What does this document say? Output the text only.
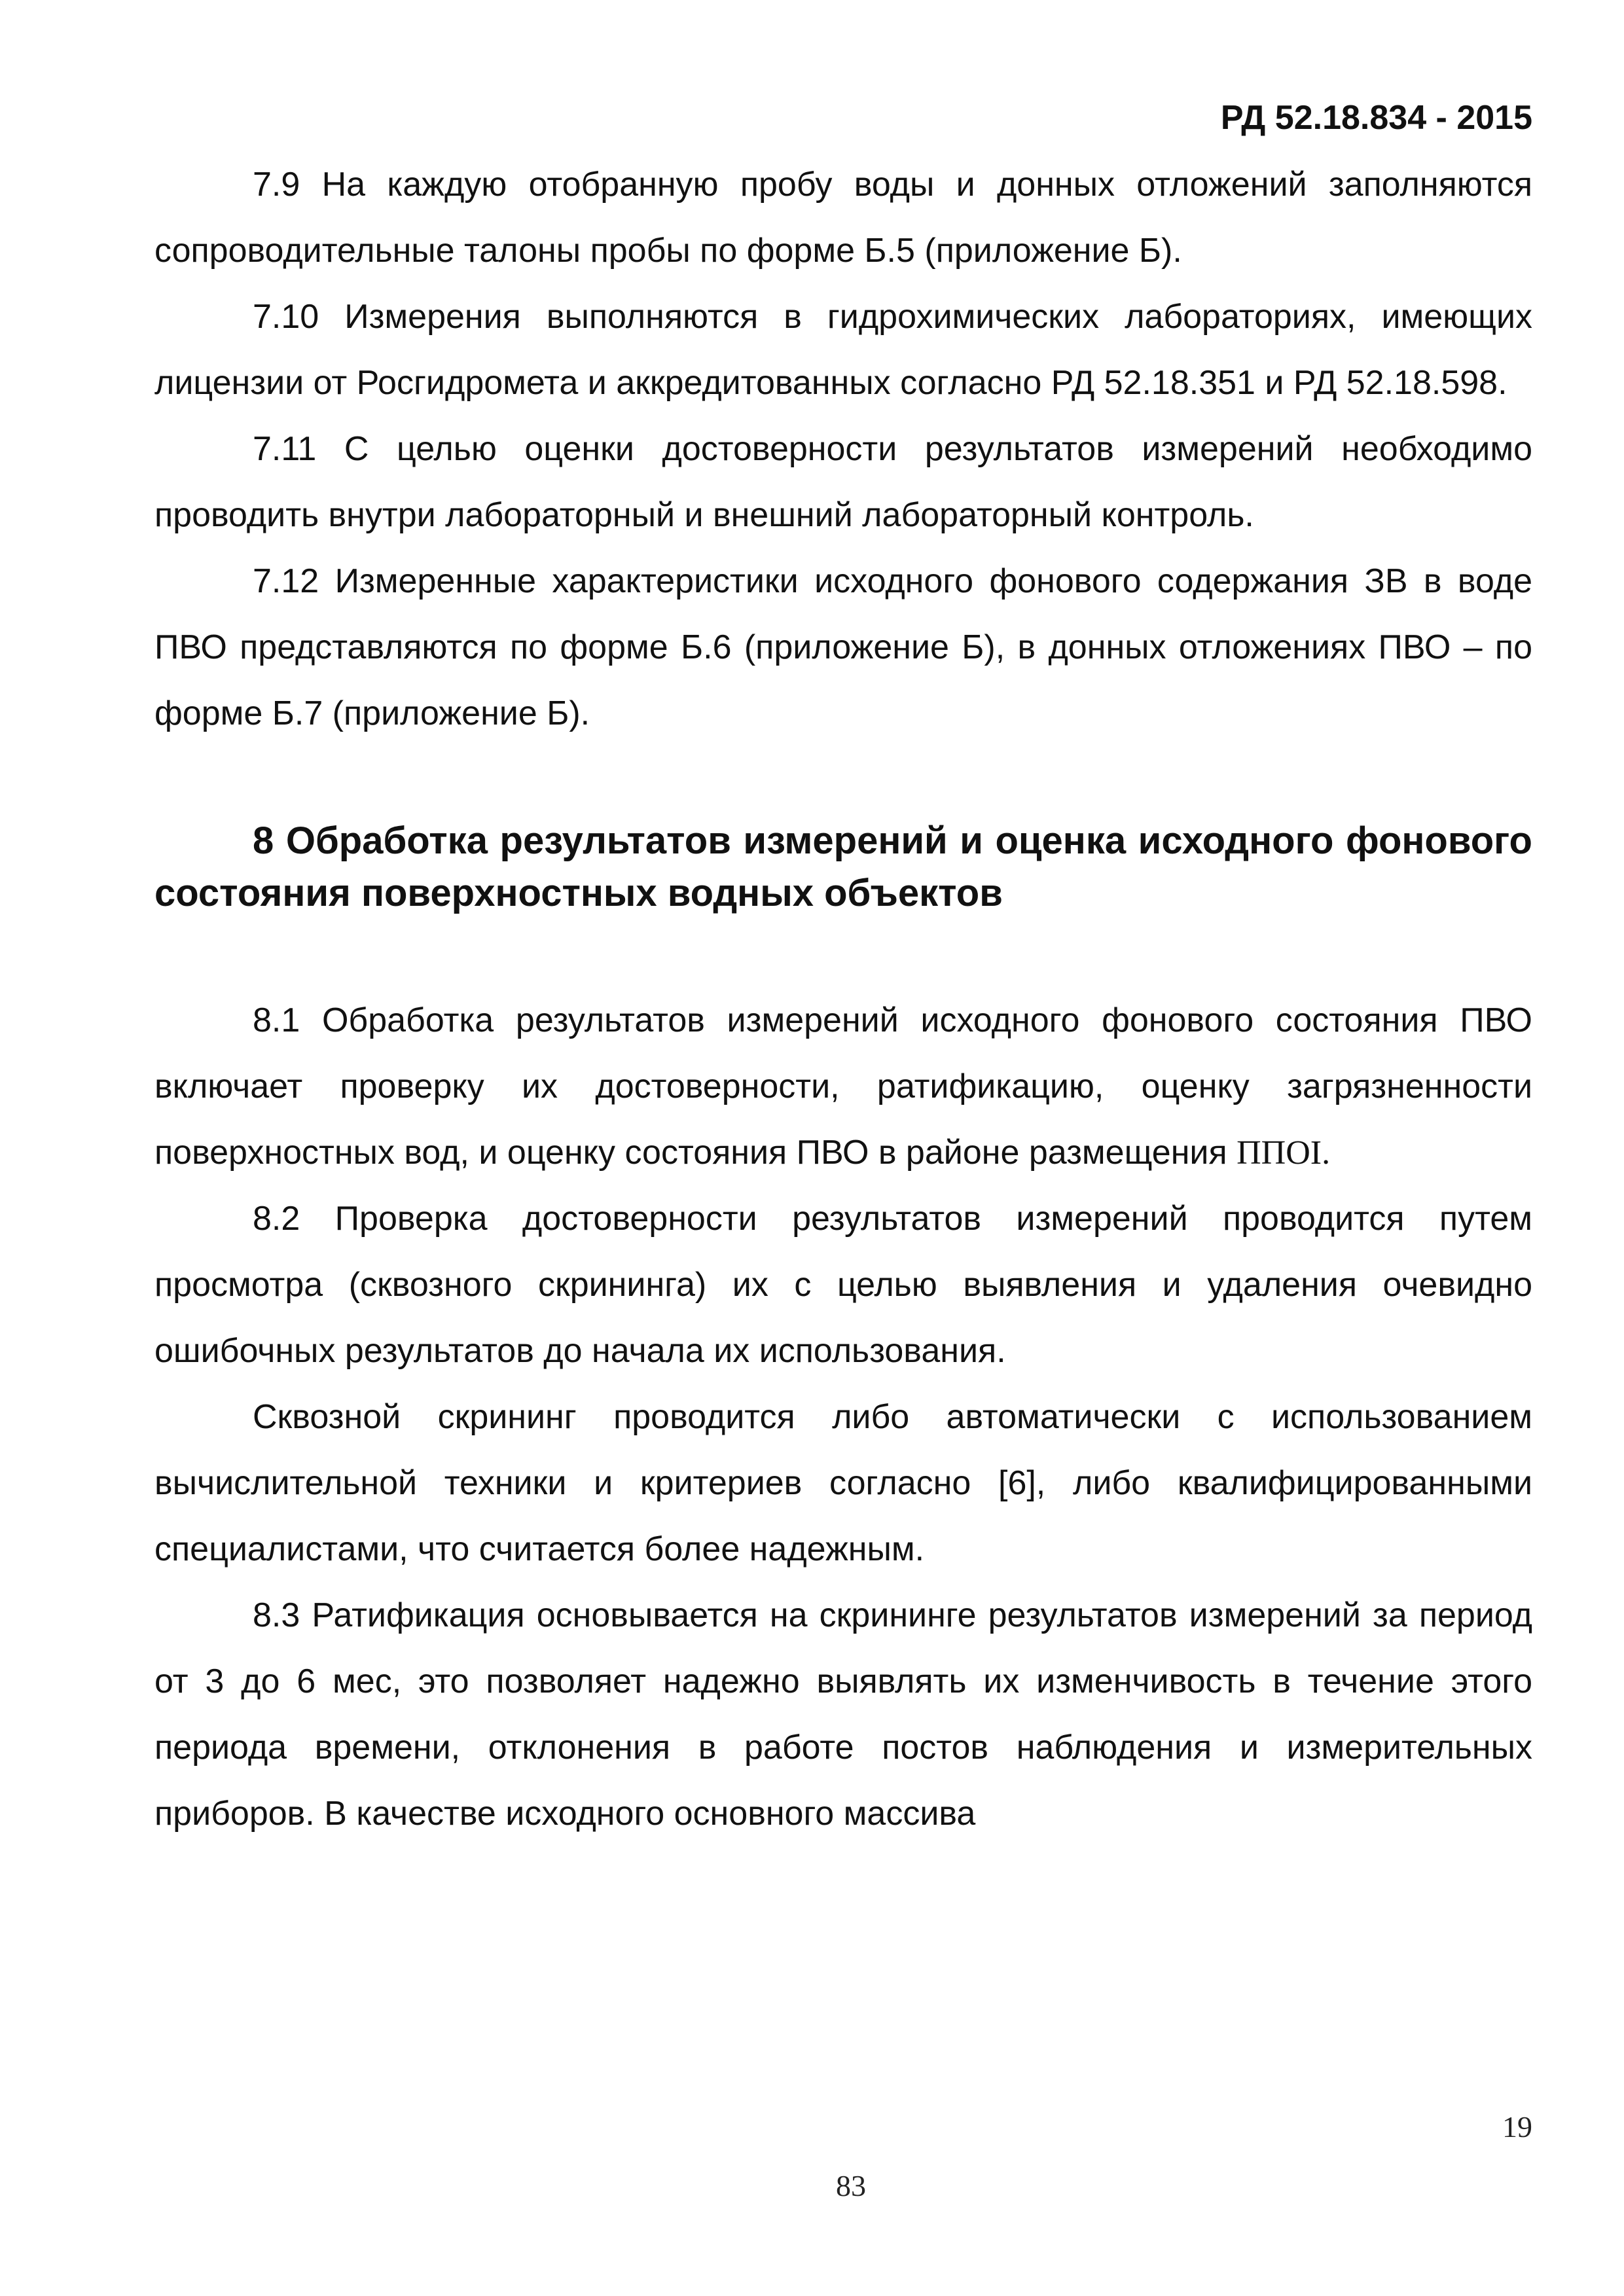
РД 52.18.834 - 2015

7.9 На каждую отобранную пробу воды и донных отложений заполняются сопроводительные талоны пробы по форме Б.5 (приложение Б).

7.10 Измерения выполняются в гидрохимических лабораториях, имеющих лицензии от Росгидромета и аккредитованных согласно РД 52.18.351 и РД 52.18.598.

7.11 С целью оценки достоверности результатов измерений необходимо проводить внутри лабораторный и внешний лабораторный контроль.

7.12 Измеренные характеристики исходного фонового содержания ЗВ в воде ПВО представляются по форме Б.6 (приложение Б), в донных отложениях ПВО – по форме Б.7 (приложение Б).

8 Обработка результатов измерений и оценка исходного фонового состояния поверхностных водных объектов

8.1 Обработка результатов измерений исходного фонового состояния ПВО включает проверку их достоверности, ратификацию, оценку загрязненности поверхностных вод, и оценку состояния ПВО в районе размещения ППОI.

8.2 Проверка достоверности результатов измерений проводится путем просмотра (сквозного скрининга) их с целью выявления и удаления очевидно ошибочных результатов до начала их использования.

Сквозной скрининг проводится либо автоматически с использованием вычислительной техники и критериев согласно [6], либо квалифицированными специалистами, что считается более надежным.

8.3 Ратификация основывается на скрининге результатов измерений за период от 3 до 6 мес, это позволяет надежно выявлять их изменчивость в течение этого периода времени, отклонения в работе постов наблюдения и измерительных приборов. В качестве исходного основного массива

19
83
